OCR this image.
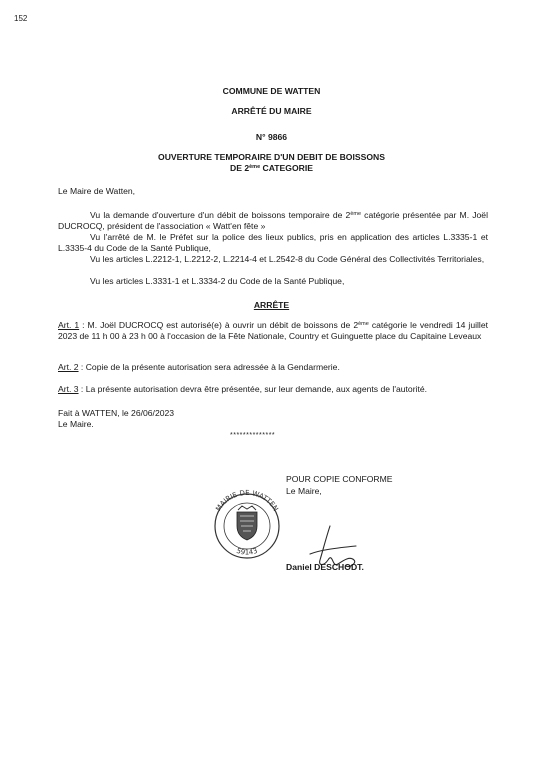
152
COMMUNE DE WATTEN
ARRÊTÉ DU MAIRE
N° 9866
OUVERTURE TEMPORAIRE D'UN DEBIT DE BOISSONS
DE 2ème CATEGORIE
Le Maire de Watten,
Vu la demande d'ouverture d'un débit de boissons temporaire de 2ème catégorie présentée par M. Joël DUCROCQ, président de l'association « Watt'en fête »
Vu l'arrêté de M. le Préfet sur la police des lieux publics, pris en application des articles L.3335-1 et L.3335-4 du Code de la Santé Publique,
Vu les articles L.2212-1, L.2212-2, L.2214-4 et L.2542-8 du Code Général des Collectivités Territoriales,
Vu les articles L.3331-1 et L.3334-2 du Code de la Santé Publique,
ARRÊTE
Art. 1 : M. Joël DUCROCQ est autorisé(e) à ouvrir un débit de boissons de 2ème catégorie le vendredi 14 juillet 2023 de 11 h 00 à 23 h 00 à l'occasion de la Fête Nationale, Country et Guinguette place du Capitaine Leveaux
Art. 2 : Copie de la présente autorisation sera adressée à la Gendarmerie.
Art. 3 : La présente autorisation devra être présentée, sur leur demande, aux agents de l'autorité.
Fait à WATTEN, le 26/06/2023
Le Maire.
**************
POUR COPIE CONFORME
Le Maire,
MAIRIE DE WATTEN
59143
Daniel DESCHODT.
